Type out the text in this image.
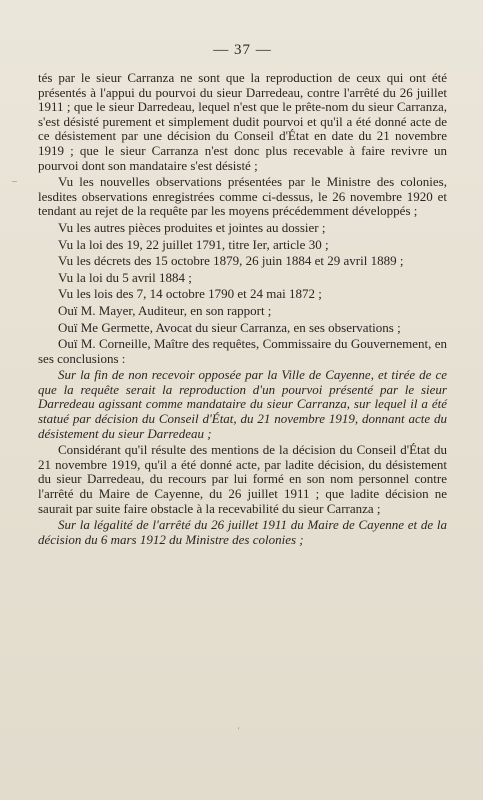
— 37 —
–

tés par le sieur Carranza ne sont que la reproduction de ceux qui ont été présentés à l'appui du pourvoi du sieur Darredeau, contre l'arrêté du 26 juillet 1911 ; que le sieur Darredeau, lequel n'est que le prête-nom du sieur Carranza, s'est désisté purement et simplement dudit pourvoi et qu'il a été donné acte de ce désistement par une décision du Conseil d'État en date du 21 novembre 1919 ; que le sieur Carranza n'est donc plus recevable à faire revivre un pourvoi dont son mandataire s'est désisté ;

Vu les nouvelles observations présentées par le Ministre des colonies, lesdites observations enregistrées comme ci-dessus, le 26 novembre 1920 et tendant au rejet de la requête par les moyens précédemment développés ;

Vu les autres pièces produites et jointes au dossier ;

Vu la loi des 19, 22 juillet 1791, titre Ier, article 30 ;

Vu les décrets des 15 octobre 1879, 26 juin 1884 et 29 avril 1889 ;

Vu la loi du 5 avril 1884 ;

Vu les lois des 7, 14 octobre 1790 et 24 mai 1872 ;

Ouï M. Mayer, Auditeur, en son rapport ;

Ouï Me Germette, Avocat du sieur Carranza, en ses observations ;

Ouï M. Corneille, Maître des requêtes, Commissaire du Gouvernement, en ses conclusions :

Sur la fin de non recevoir opposée par la Ville de Cayenne, et tirée de ce que la requête serait la reproduction d'un pourvoi présenté par le sieur Darredeau agissant comme mandataire du sieur Carranza, sur lequel il a été statué par décision du Conseil d'État, du 21 novembre 1919, donnant acte du désistement du sieur Darredeau ;

Considérant qu'il résulte des mentions de la décision du Conseil d'État du 21 novembre 1919, qu'il a été donné acte, par ladite décision, du désistement du sieur Darredeau, du recours par lui formé en son nom personnel contre l'arrêté du Maire de Cayenne, du 26 juillet 1911 ; que ladite décision ne saurait par suite faire obstacle à la recevabilité du sieur Carranza ;

Sur la légalité de l'arrêté du 26 juillet 1911 du Maire de Cayenne et de la décision du 6 mars 1912 du Ministre des colonies ;

'
